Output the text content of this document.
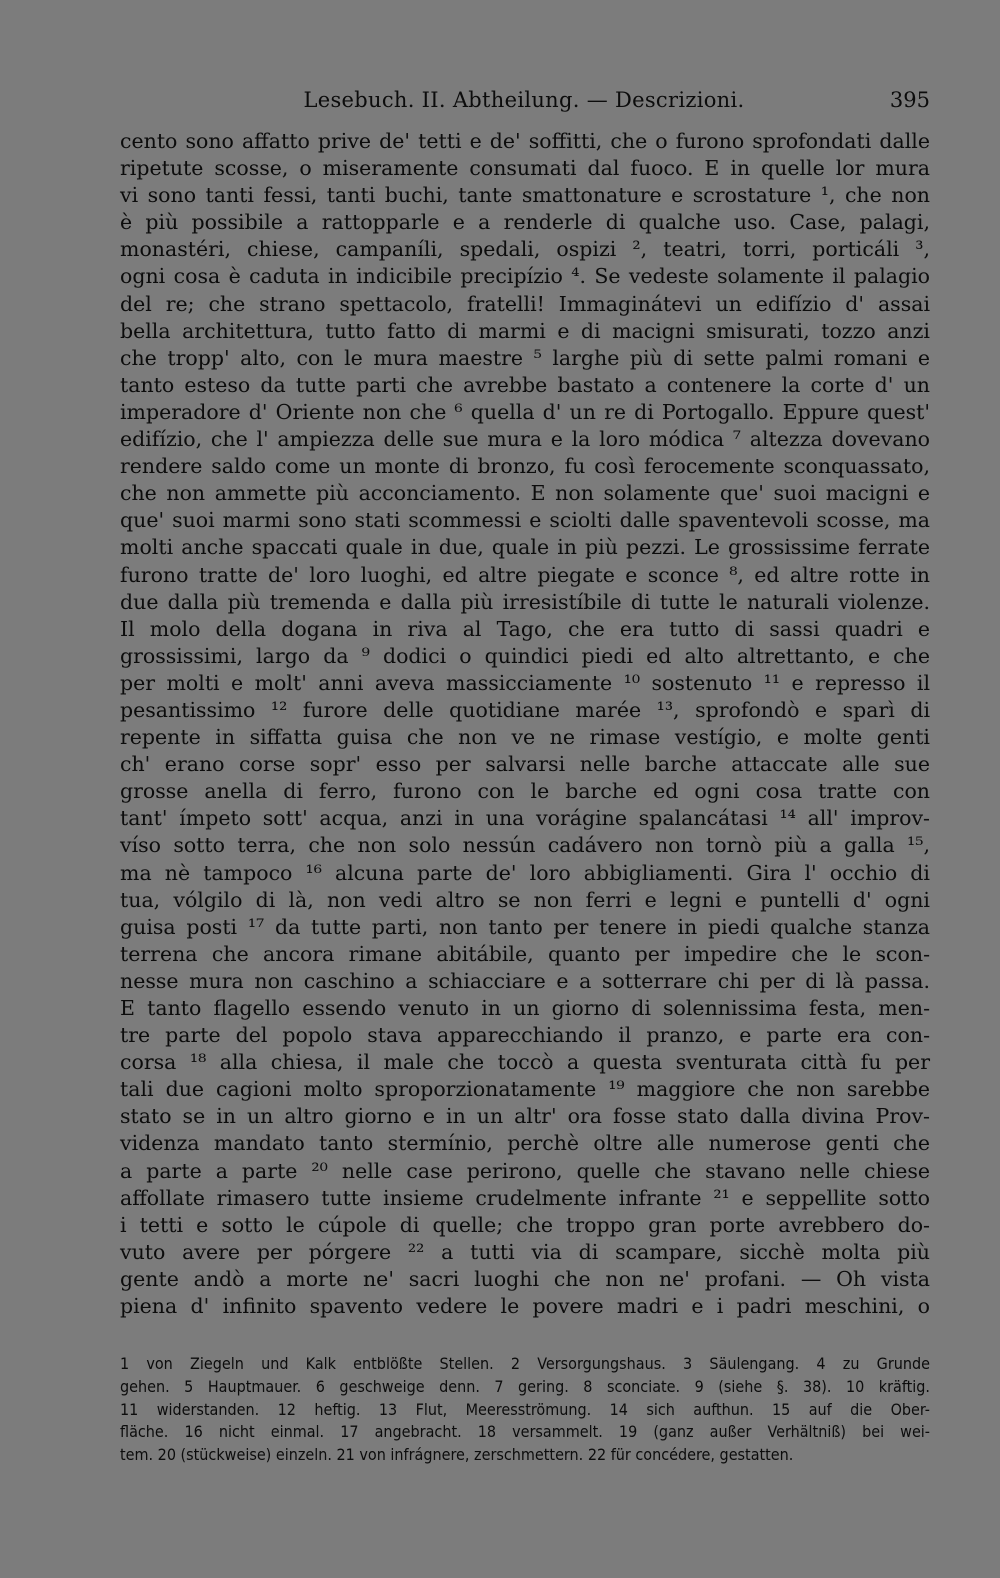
Lesebuch. II. Abtheilung. — Descrizioni.	395
cento sono affatto prive de' tetti e de' soffitti, che o furono sprofondati dalle
ripetute scosse, o miseramente consumati dal fuoco. E in quelle lor mura
vi sono tanti fessi, tanti buchi, tante smattonature e scrostature ¹, che non
è più possibile a rattopparle e a renderle di qualche uso. Case, palagi,
monastéri, chiese, campaníli, spedali, ospizi ², teatri, torri, porticáli ³,
ogni cosa è caduta in indicibile precipízio ⁴. Se vedeste solamente il palagio
del re; che strano spettacolo, fratelli! Immaginátevi un edifízio d' assai
bella architettura, tutto fatto di marmi e di macigni smisurati, tozzo anzi
che tropp' alto, con le mura maestre ⁵ larghe più di sette palmi romani e
tanto esteso da tutte parti che avrebbe bastato a contenere la corte d' un
imperadore d' Oriente non che ⁶ quella d' un re di Portogallo. Eppure quest'
edifízio, che l' ampiezza delle sue mura e la loro módica ⁷ altezza dovevano
rendere saldo come un monte di bronzo, fu così ferocemente sconquassato,
che non ammette più acconciamento. E non solamente que' suoi macigni e
que' suoi marmi sono stati scommessi e sciolti dalle spaventevoli scosse, ma
molti anche spaccati quale in due, quale in più pezzi. Le grossissime ferrate
furono tratte de' loro luoghi, ed altre piegate e sconce ⁸, ed altre rotte in
due dalla più tremenda e dalla più irresistíbile di tutte le naturali violenze.
Il molo della dogana in riva al Tago, che era tutto di sassi quadri e
grossissimi, largo da ⁹ dodici o quindici piedi ed alto altrettanto, e che
per molti e molt' anni aveva massicciamente ¹⁰ sostenuto ¹¹ e represso il
pesantissimo ¹² furore delle quotidiane marée ¹³, sprofondò e sparì di
repente in siffatta guisa che non ve ne rimase vestígio, e molte genti
ch' erano corse sopr' esso per salvarsi nelle barche attaccate alle sue
grosse anella di ferro, furono con le barche ed ogni cosa tratte con
tant' ímpeto sott' acqua, anzi in una vorágine spalancátasi ¹⁴ all' improv-
víso sotto terra, che non solo nessún cadávero non tornò più a galla ¹⁵,
ma nè tampoco ¹⁶ alcuna parte de' loro abbigliamenti. Gira l' occhio di
tua, vólgilo di là, non vedi altro se non ferri e legni e puntelli d' ogni
guisa posti ¹⁷ da tutte parti, non tanto per tenere in piedi qualche stanza
terrena che ancora rimane abitábile, quanto per impedire che le scon-
nesse mura non caschino a schiacciare e a sotterrare chi per di là passa.
E tanto flagello essendo venuto in un giorno di solennissima festa, men-
tre parte del popolo stava apparecchiando il pranzo, e parte era con-
corsa ¹⁸ alla chiesa, il male che toccò a questa sventurata città fu per
tali due cagioni molto sproporzionatamente ¹⁹ maggiore che non sarebbe
stato se in un altro giorno e in un altr' ora fosse stato dalla divina Prov-
videnza mandato tanto stermínio, perchè oltre alle numerose genti che
a parte a parte ²⁰ nelle case perirono, quelle che stavano nelle chiese
affollate rimasero tutte insieme crudelmente infrante ²¹ e seppellite sotto
i tetti e sotto le cúpole di quelle; che troppo gran porte avrebbero do-
vuto avere per pórgere ²² a tutti via di scampare, sicchè molta più
gente andò a morte ne' sacri luoghi che non ne' profani. — Oh vista
piena d' infinito spavento vedere le povere madri e i padri meschini, o
1 von Ziegeln und Kalk entblößte Stellen. 2 Versorgungshaus. 3 Säulengang. 4 zu Grunde
gehen. 5 Hauptmauer. 6 geschweige denn. 7 gering. 8 sconciate. 9 (siehe §. 38). 10 kräftig.
11 widerstanden. 12 heftig. 13 Flut, Meeresströmung. 14 sich aufthun. 15 auf die Ober-
fläche. 16 nicht einmal. 17 angebracht. 18 versammelt. 19 (ganz außer Verhältniß) bei wei-
tem. 20 (stückweise) einzeln. 21 von infrágnere, zerschmettern. 22 für concédere, gestatten.
